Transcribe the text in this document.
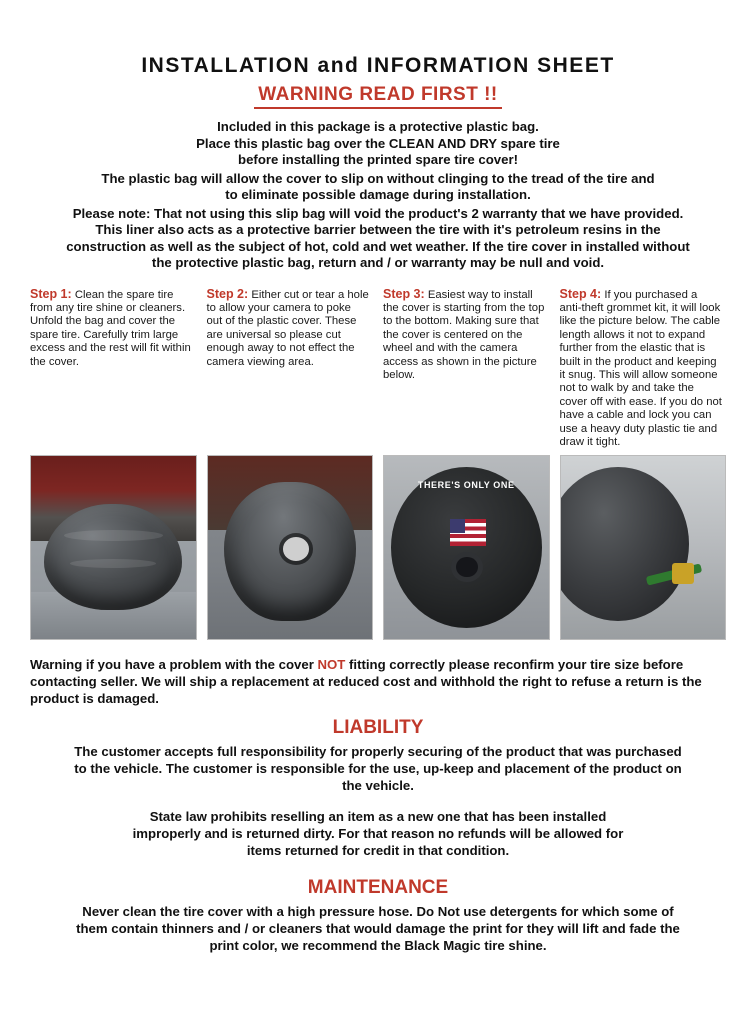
INSTALLATION and INFORMATION SHEET
WARNING READ FIRST !!

Included in this package is a protective plastic bag.

Place this plastic bag over the CLEAN AND DRY spare tire

before installing the printed spare tire cover!

The plastic bag will allow the cover to slip on without clinging to the tread of the tire and

to eliminate possible damage during installation.

Please note: That not using this slip bag will void the product's 2 warranty that we have provided.

This liner also acts as a protective barrier between the tire with it's petroleum resins in the

construction as well as the subject of hot, cold and wet weather. If the tire cover in installed without

the protective plastic bag, return and / or warranty may be null and void.

Step 1: Clean the spare tire from any tire shine or cleaners. Unfold the bag and cover the spare tire. Carefully trim large excess and the rest will fit within the cover.
Step 2: Either cut or tear a hole to allow your camera to poke out of the plastic cover. These are universal so please cut enough away to not effect the camera viewing area.
Step 3: Easiest way to install the cover is starting from the top to the bottom. Making sure that the cover is centered on the wheel and with the camera access as shown in the picture below.
Step 4: If you purchased a anti-theft grommet kit, it will look like the picture below. The cable length allows it not to expand further from the elastic that is built in the product and keeping it snug. This will allow someone not to walk by and take the cover off with ease. If you do not have a cable and lock you can use a heavy duty plastic tie and draw it tight.
THERE'S ONLY ONE
Warning if you have a problem with the cover NOT fitting correctly please reconfirm your tire size before contacting seller. We will ship a replacement at reduced cost and withhold the right to refuse a return is the product is damaged.
LIABILITY

The customer accepts full responsibility for properly securing of the product that was purchased

to the vehicle. The customer is responsible for the use, up-keep and placement of the product on

the vehicle.

State law prohibits reselling an item as a new one that has been installed

improperly and is returned dirty. For that reason no refunds will be allowed for

items returned for credit in that condition.

MAINTENANCE

Never clean the tire cover with a high pressure hose. Do Not use detergents for which some of

them contain thinners and / or cleaners that would damage the print for they will lift and fade the

print color, we recommend the Black Magic tire shine.
